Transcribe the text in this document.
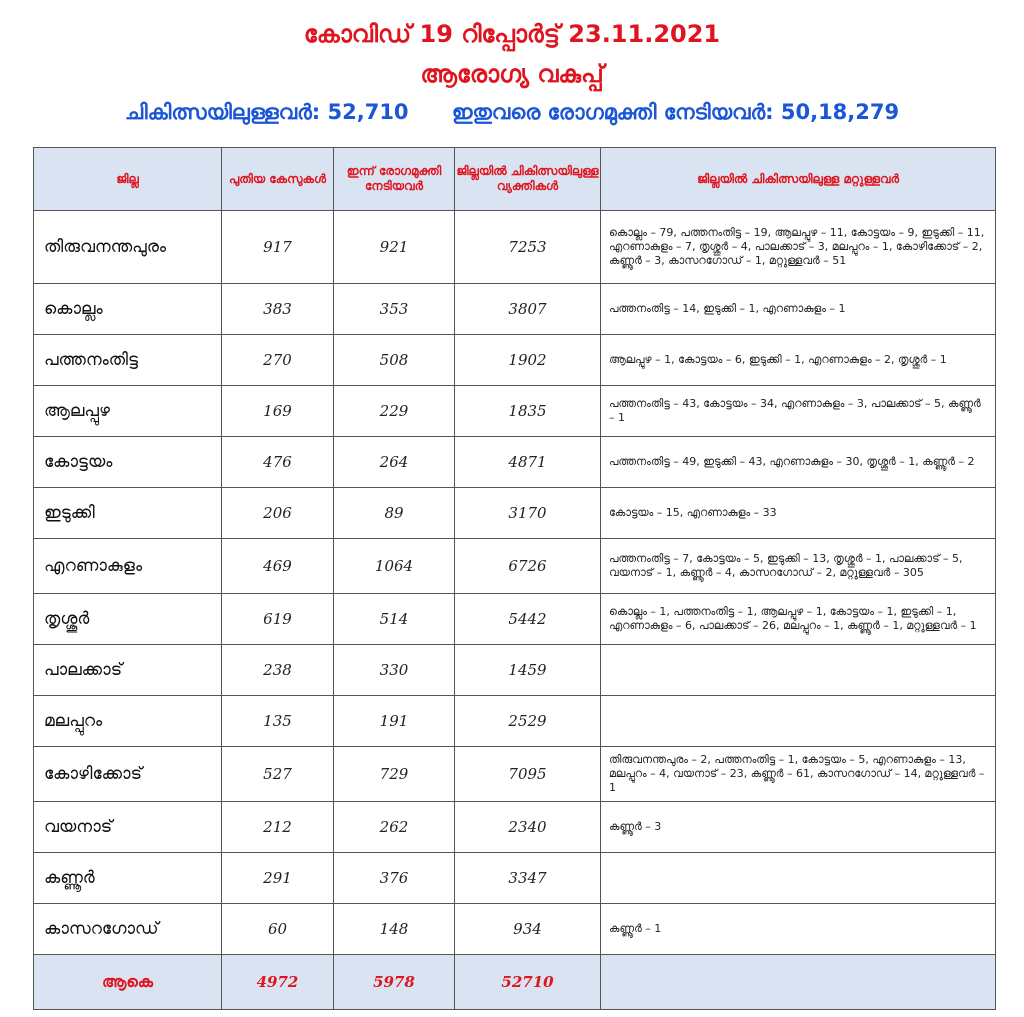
കോവിഡ് 19 റിപ്പോർട്ട് 23.11.2021
ആരോഗ്യ വകുപ്പ്
ചികിത്സയിലുള്ളവർ: 52,710 ഇതുവരെ രോഗമുക്തി നേടിയവർ: 50,18,279
ജില്ല	പുതിയ കേസുകൾ	ഇന്ന് രോഗമുക്തി നേടിയവർ	ജില്ലയിൽ ചികിത്സയിലുള്ള വ്യക്തികൾ	ജില്ലയിൽ ചികിത്സയിലുള്ള മറ്റുള്ളവർ
തിരുവനന്തപുരം	917	921	7253	കൊല്ലം – 79, പത്തനംതിട്ട – 19, ആലപ്പുഴ – 11, കോട്ടയം – 9, ഇടുക്കി – 11, എറണാകുളം – 7, തൃശ്ശൂർ – 4, പാലക്കാട് – 3, മലപ്പുറം – 1, കോഴിക്കോട് – 2, കണ്ണൂർ – 3, കാസറഗോഡ് – 1, മറ്റുള്ളവർ – 51
കൊല്ലം	383	353	3807	പത്തനംതിട്ട – 14, ഇടുക്കി – 1, എറണാകുളം – 1
പത്തനംതിട്ട	270	508	1902	ആലപ്പുഴ – 1, കോട്ടയം – 6, ഇടുക്കി – 1, എറണാകുളം – 2, തൃശ്ശൂർ – 1
ആലപ്പുഴ	169	229	1835	പത്തനംതിട്ട – 43, കോട്ടയം – 34, എറണാകുളം – 3, പാലക്കാട് – 5, കണ്ണൂർ – 1
കോട്ടയം	476	264	4871	പത്തനംതിട്ട – 49, ഇടുക്കി – 43, എറണാകുളം – 30, തൃശ്ശൂർ – 1, കണ്ണൂർ – 2
ഇടുക്കി	206	89	3170	കോട്ടയം – 15, എറണാകുളം – 33
എറണാകുളം	469	1064	6726	പത്തനംതിട്ട – 7, കോട്ടയം – 5, ഇടുക്കി – 13, തൃശ്ശൂർ – 1, പാലക്കാട് – 5, വയനാട് – 1, കണ്ണൂർ – 4, കാസറഗോഡ് – 2, മറ്റുള്ളവർ – 305
തൃശ്ശൂർ	619	514	5442	കൊല്ലം – 1, പത്തനംതിട്ട – 1, ആലപ്പുഴ – 1, കോട്ടയം – 1, ഇടുക്കി – 1, എറണാകുളം – 6, പാലക്കാട് – 26, മലപ്പുറം – 1, കണ്ണൂർ – 1, മറ്റുള്ളവർ – 1
പാലക്കാട്	238	330	1459	
മലപ്പുറം	135	191	2529	
കോഴിക്കോട്	527	729	7095	തിരുവനന്തപുരം – 2, പത്തനംതിട്ട – 1, കോട്ടയം – 5, എറണാകുളം – 13, മലപ്പുറം – 4, വയനാട് – 23, കണ്ണൂർ – 61, കാസറഗോഡ് – 14, മറ്റുള്ളവർ – 1
വയനാട്	212	262	2340	കണ്ണൂർ – 3
കണ്ണൂർ	291	376	3347	
കാസറഗോഡ്	60	148	934	കണ്ണൂർ – 1
ആകെ	4972	5978	52710	
